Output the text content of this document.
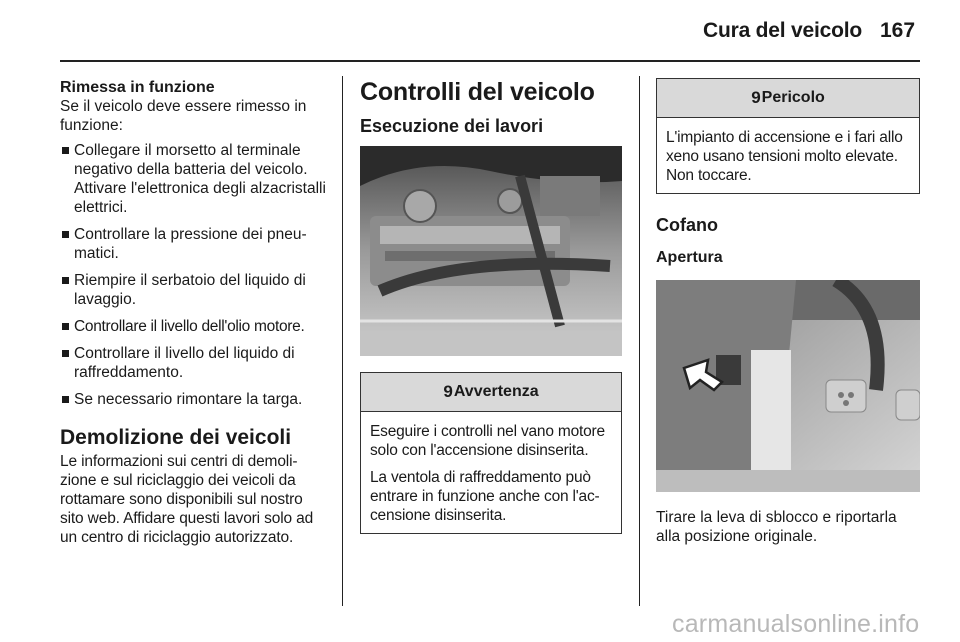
Cura del veicolo 167
Rimessa in funzione
Se il veicolo deve essere rimesso in funzione:
Collegare il morsetto al terminale negativo della batteria del veicolo. Attivare l'elettronica degli alzacristalli elettrici.
Controllare la pressione dei pneumatici.
Riempire il serbatoio del liquido di lavaggio.
Controllare il livello dell'olio motore.
Controllare il livello del liquido di raffreddamento.
Se necessario rimontare la targa.
Demolizione dei veicoli
Le informazioni sui centri di demolizione e sul riciclaggio dei veicoli da rottamare sono disponibili sul nostro sito web. Affidare questi lavori solo ad un centro di riciclaggio autorizzato.
Controlli del veicolo
Esecuzione dei lavori
9 Avvertenza
Eseguire i controlli nel vano motore solo con l'accensione disinserita.
La ventola di raffreddamento può entrare in funzione anche con l'accensione disinserita.
9 Pericolo
L'impianto di accensione e i fari allo xeno usano tensioni molto elevate. Non toccare.
Cofano
Apertura
Tirare la leva di sblocco e riportarla alla posizione originale.
carmanualsonline.info
